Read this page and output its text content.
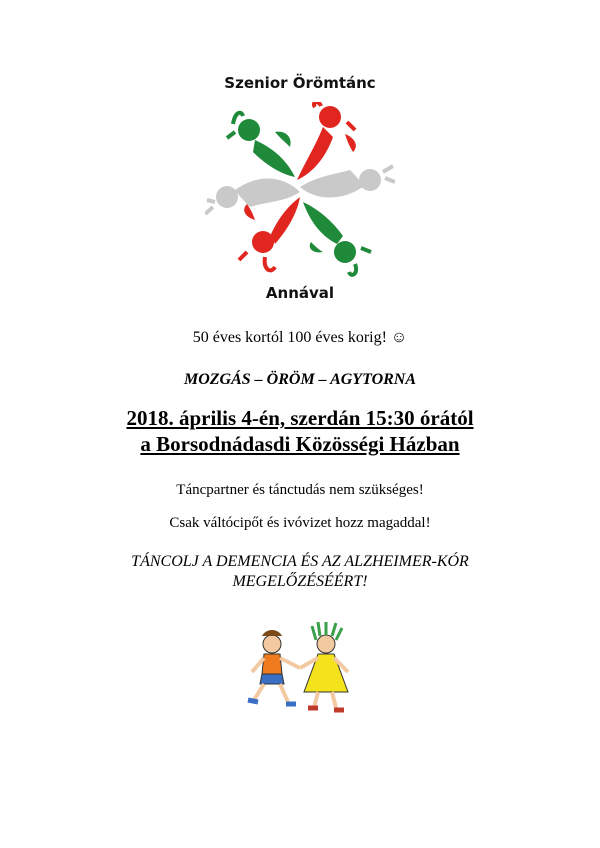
Szenior Örömtánc
Annával
50 éves kortól 100 éves korig! ☺
MOZGÁS – ÖRÖM – AGYTORNA
2018. április 4-én, szerdán 15:30 órától
a Borsodnádasdi Közösségi Házban
Táncpartner és tánctudás nem szükséges!
Csak váltócipőt és ivóvizet hozz magaddal!
TÁNCOLJ A DEMENCIA ÉS AZ ALZHEIMER-KÓR
MEGELŐZÉSÉÉRT!
